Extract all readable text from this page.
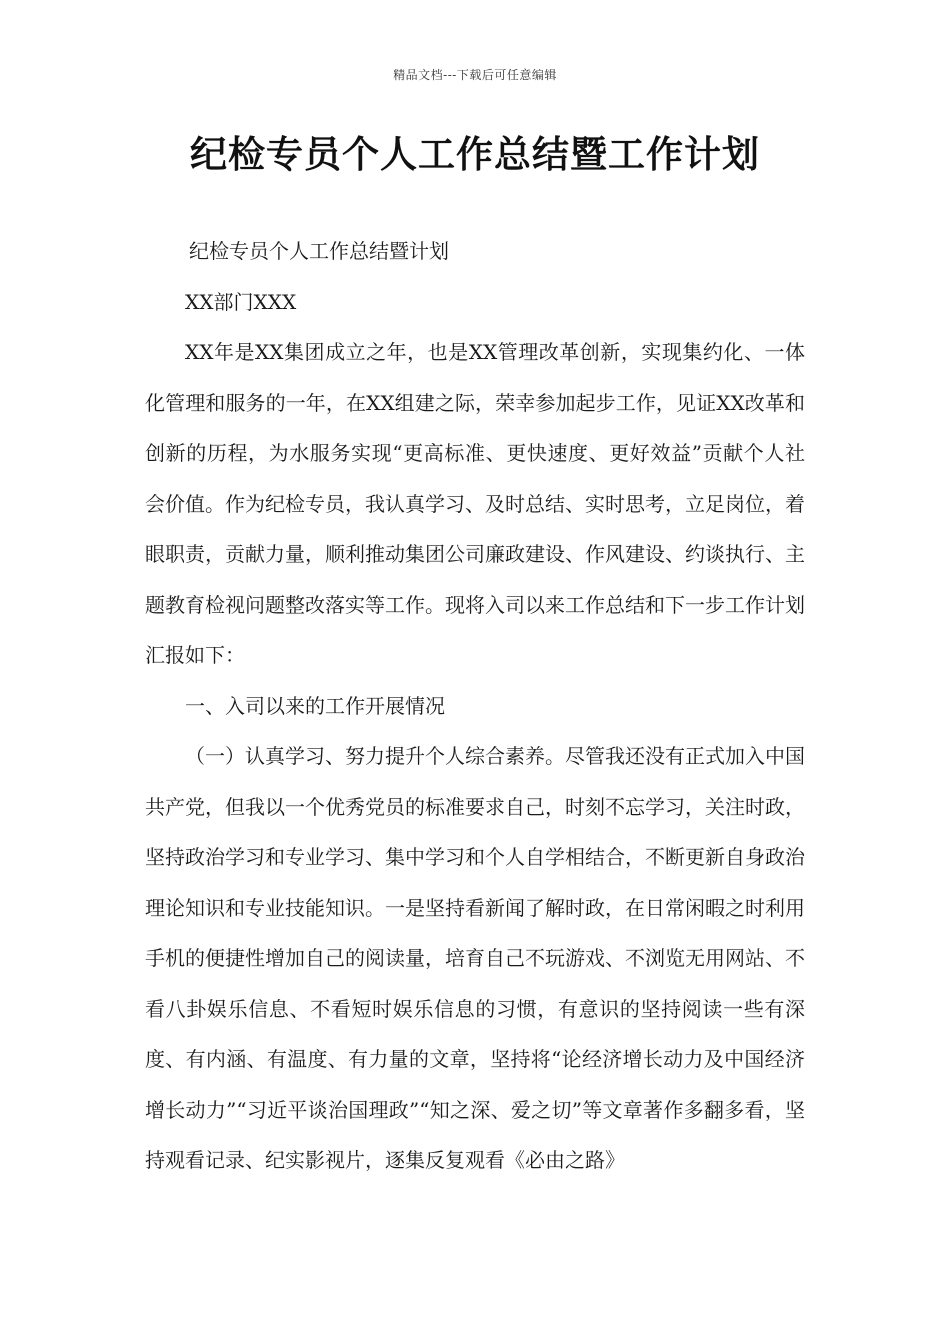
精品文档---下载后可任意编辑
纪检专员个人工作总结暨工作计划

纪检专员个人工作总结暨计划

XX部门XXX

XX年是XX集团成立之年，也是XX管理改革创新，实现集约化、一体化管理和服务的一年，在XX组建之际，荣幸参加起步工作，见证XX改革和创新的历程，为水服务实现“更高标准、更快速度、更好效益”贡献个人社会价值。作为纪检专员，我认真学习、及时总结、实时思考，立足岗位，着眼职责，贡献力量，顺利推动集团公司廉政建设、作风建设、约谈执行、主题教育检视问题整改落实等工作。现将入司以来工作总结和下一步工作计划汇报如下：

一、入司以来的工作开展情况

（一）认真学习、努力提升个人综合素养。尽管我还没有正式加入中国共产党，但我以一个优秀党员的标准要求自己，时刻不忘学习，关注时政，坚持政治学习和专业学习、集中学习和个人自学相结合，不断更新自身政治理论知识和专业技能知识。一是坚持看新闻了解时政，在日常闲暇之时利用手机的便捷性增加自己的阅读量，培育自己不玩游戏、不浏览无用网站、不看八卦娱乐信息、不看短时娱乐信息的习惯，有意识的坚持阅读一些有深度、有内涵、有温度、有力量的文章，坚持将“论经济增长动力及中国经济增长动力”“习近平谈治国理政”“知之深、爱之切”等文章著作多翻多看，坚持观看记录、纪实影视片，逐集反复观看《必由之路》
